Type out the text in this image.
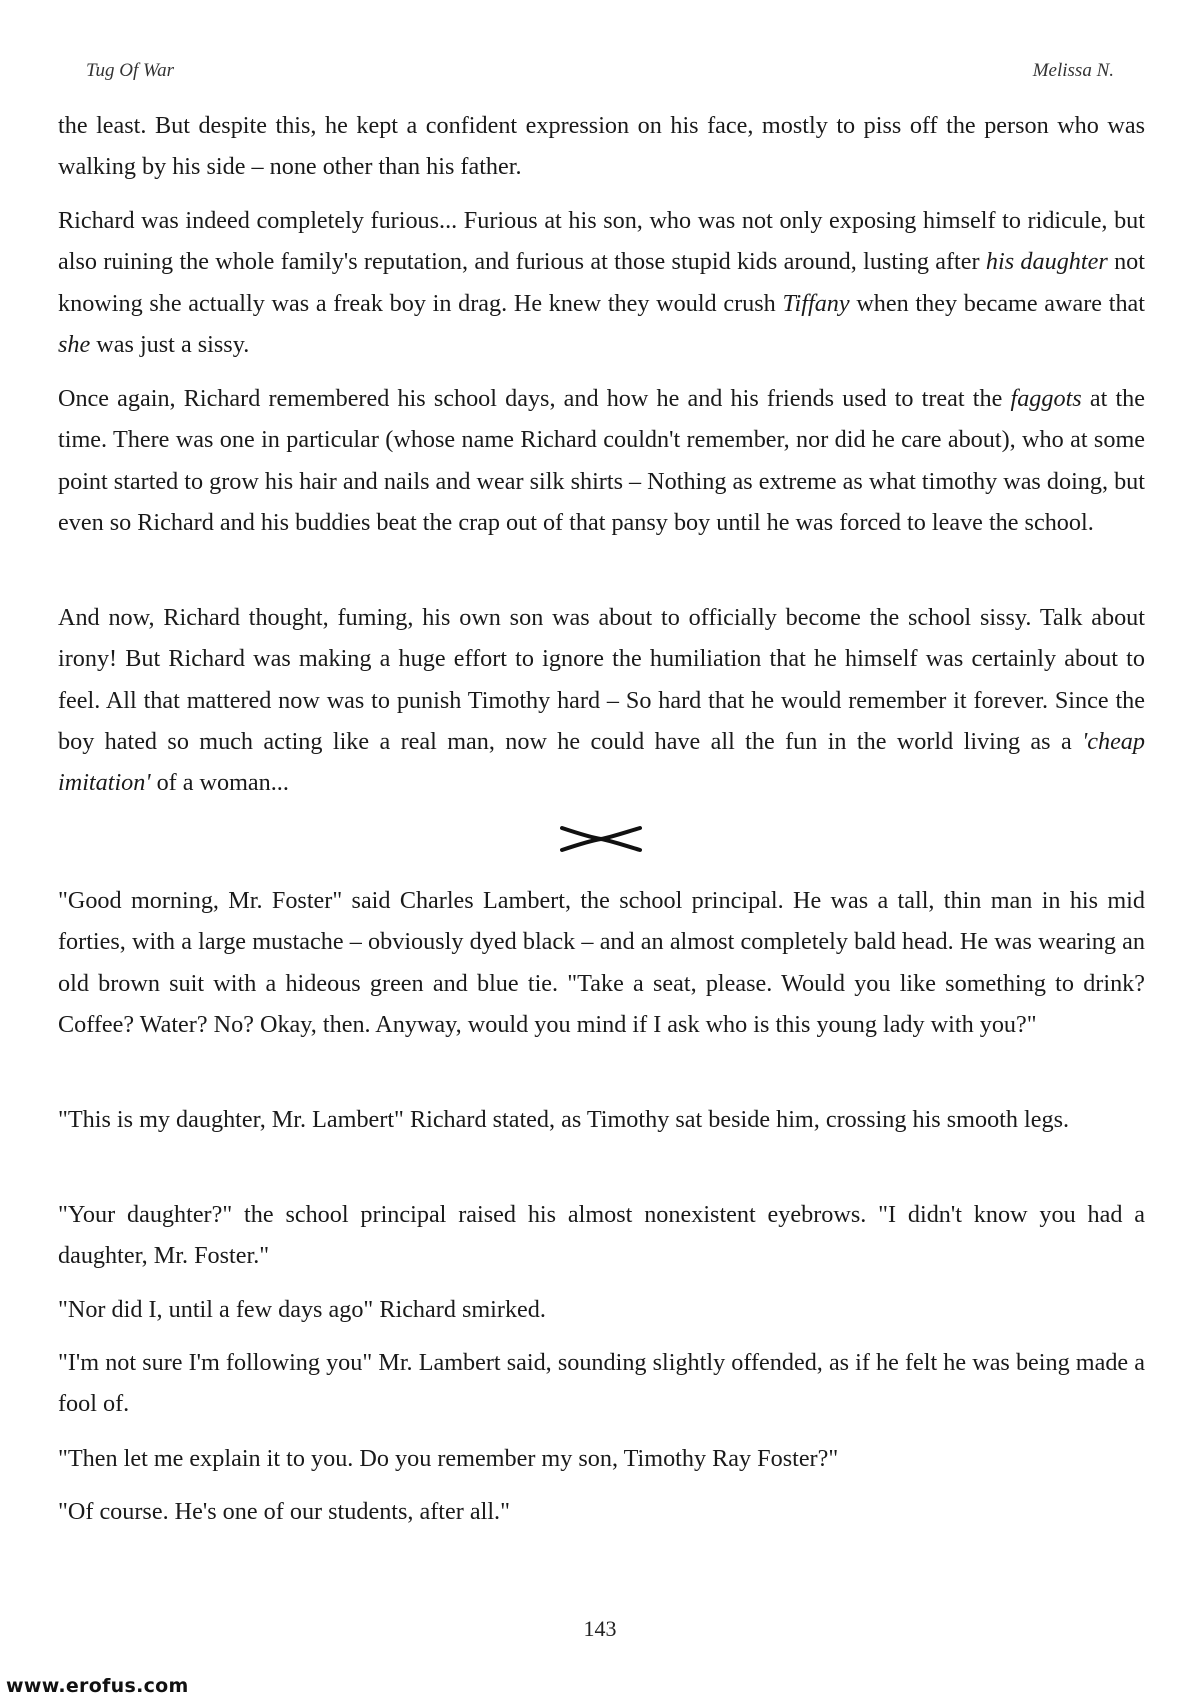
Tug Of War	Melissa N.

the least. But despite this, he kept a confident expression on his face, mostly to piss off the person who was walking by his side – none other than his father.

Richard was indeed completely furious... Furious at his son, who was not only exposing himself to ridicule, but also ruining the whole family's reputation, and furious at those stupid kids around, lusting after his daughter not knowing she actually was a freak boy in drag. He knew they would crush Tiffany when they became aware that she was just a sissy.

Once again, Richard remembered his school days, and how he and his friends used to treat the faggots at the time. There was one in particular (whose name Richard couldn't remember, nor did he care about), who at some point started to grow his hair and nails and wear silk shirts – Nothing as extreme as what timothy was doing, but even so Richard and his buddies beat the crap out of that pansy boy until he was forced to leave the school.

And now, Richard thought, fuming, his own son was about to officially become the school sissy. Talk about irony! But Richard was making a huge effort to ignore the humiliation that he himself was certainly about to feel. All that mattered now was to punish Timothy hard – So hard that he would remember it forever. Since the boy hated so much acting like a real man, now he could have all the fun in the world living as a 'cheap imitation' of a woman...

"Good morning, Mr. Foster" said Charles Lambert, the school principal. He was a tall, thin man in his mid forties, with a large mustache – obviously dyed black – and an almost completely bald head. He was wearing an old brown suit with a hideous green and blue tie. "Take a seat, please. Would you like something to drink? Coffee? Water? No? Okay, then. Anyway, would you mind if I ask who is this young lady with you?"

"This is my daughter, Mr. Lambert" Richard stated, as Timothy sat beside him, crossing his smooth legs.

"Your daughter?" the school principal raised his almost nonexistent eyebrows. "I didn't know you had a daughter, Mr. Foster."

"Nor did I, until a few days ago" Richard smirked.

"I'm not sure I'm following you" Mr. Lambert said, sounding slightly offended, as if he felt he was being made a fool of.

"Then let me explain it to you. Do you remember my son, Timothy Ray Foster?"

"Of course. He's one of our students, after all."

143
www.erofus.com
